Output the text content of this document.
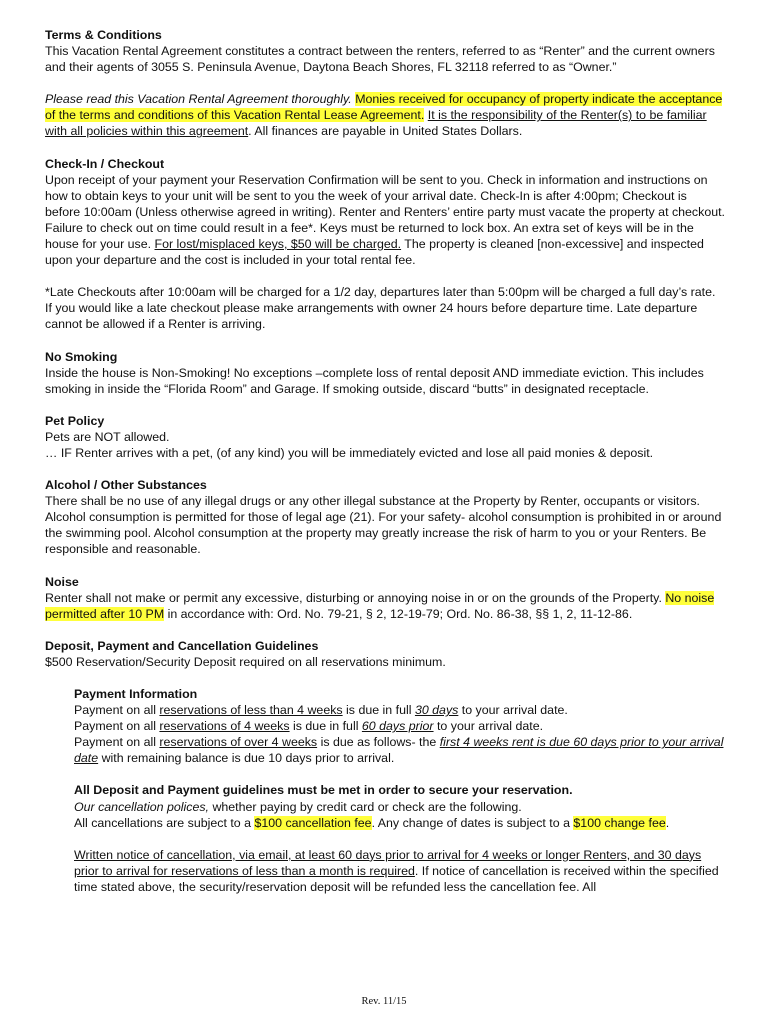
Terms & Conditions

This Vacation Rental Agreement constitutes a contract between the renters, referred to as “Renter” and the current owners and their agents of 3055 S. Peninsula Avenue, Daytona Beach Shores, FL 32118 referred to as “Owner.”

Please read this Vacation Rental Agreement thoroughly. Monies received for occupancy of property indicate the acceptance of the terms and conditions of this Vacation Rental Lease Agreement. It is the responsibility of the Renter(s) to be familiar with all policies within this agreement. All finances are payable in United States Dollars.

Check-In / Checkout

Upon receipt of your payment your Reservation Confirmation will be sent to you. Check in information and instructions on how to obtain keys to your unit will be sent to you the week of your arrival date. Check-In is after 4:00pm; Checkout is before 10:00am (Unless otherwise agreed in writing). Renter and Renters’ entire party must vacate the property at checkout. Failure to check out on time could result in a fee*. Keys must be returned to lock box. An extra set of keys will be in the house for your use. For lost/misplaced keys, $50 will be charged. The property is cleaned [non-excessive] and inspected upon your departure and the cost is included in your total rental fee.

*Late Checkouts after 10:00am will be charged for a 1/2 day, departures later than 5:00pm will be charged a full day’s rate. If you would like a late checkout please make arrangements with owner 24 hours before departure time. Late departure cannot be allowed if a Renter is arriving.

No Smoking

Inside the house is Non-Smoking! No exceptions –complete loss of rental deposit AND immediate eviction. This includes smoking in inside the “Florida Room” and Garage. If smoking outside, discard “butts” in designated receptacle.

Pet Policy

Pets are NOT allowed.

… IF Renter arrives with a pet, (of any kind) you will be immediately evicted and lose all paid monies & deposit.

Alcohol / Other Substances

There shall be no use of any illegal drugs or any other illegal substance at the Property by Renter, occupants or visitors. Alcohol consumption is permitted for those of legal age (21). For your safety- alcohol consumption is prohibited in or around the swimming pool. Alcohol consumption at the property may greatly increase the risk of harm to you or your Renters. Be responsible and reasonable.

Noise

Renter shall not make or permit any excessive, disturbing or annoying noise in or on the grounds of the Property. No noise permitted after 10 PM in accordance with: Ord. No. 79-21, § 2, 12-19-79; Ord. No. 86-38, §§ 1, 2, 11-12-86.

Deposit, Payment and Cancellation Guidelines

$500 Reservation/Security Deposit required on all reservations minimum.

Payment Information

Payment on all reservations of less than 4 weeks is due in full 30 days to your arrival date.

Payment on all reservations of 4 weeks is due in full 60 days prior to your arrival date.

Payment on all reservations of over 4 weeks is due as follows- the first 4 weeks rent is due 60 days prior to your arrival date with remaining balance is due 10 days prior to arrival.

All Deposit and Payment guidelines must be met in order to secure your reservation.

Our cancellation polices, whether paying by credit card or check are the following.

All cancellations are subject to a $100 cancellation fee. Any change of dates is subject to a $100 change fee.

Written notice of cancellation, via email, at least 60 days prior to arrival for 4 weeks or longer Renters, and 30 days prior to arrival for reservations of less than a month is required. If notice of cancellation is received within the specified time stated above, the security/reservation deposit will be refunded less the cancellation fee. All

Rev. 11/15
